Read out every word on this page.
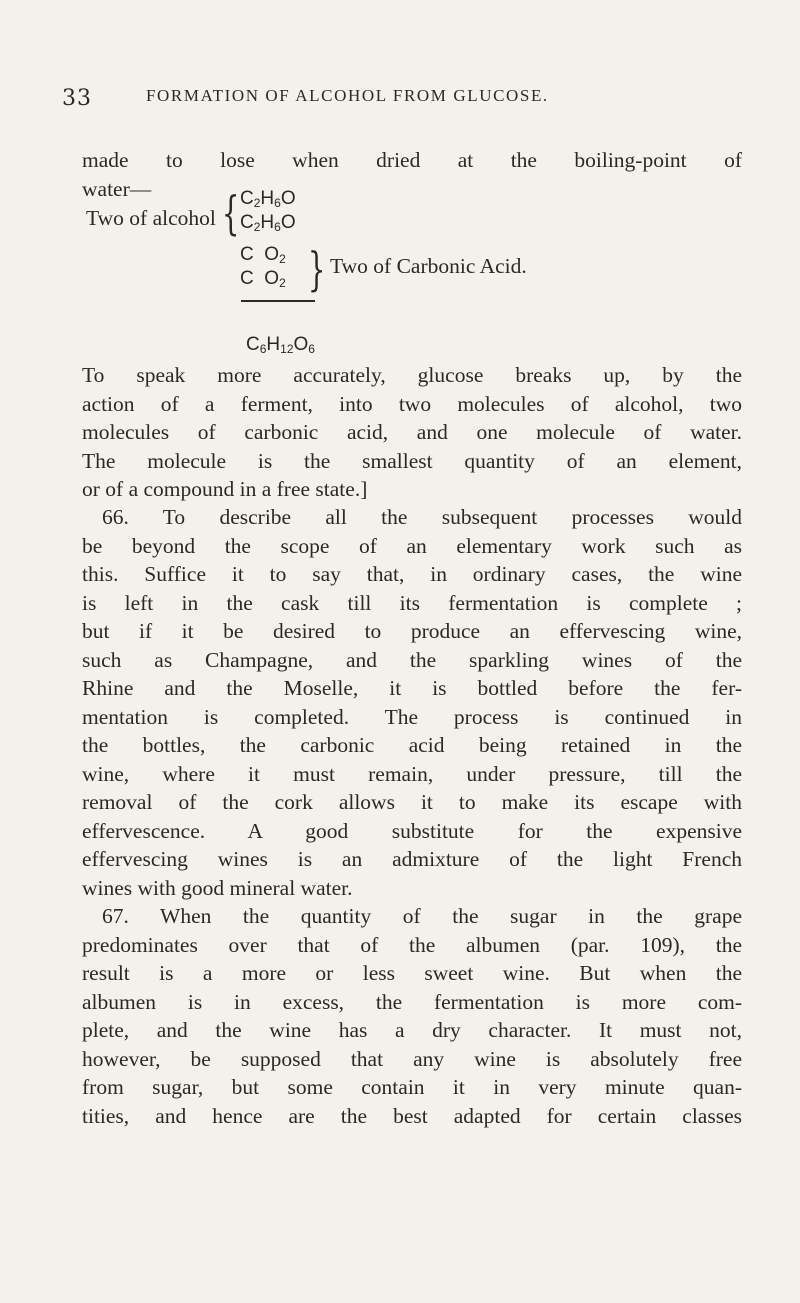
33	FORMATION OF ALCOHOL FROM GLUCOSE.
made to lose when dried at the boiling-point of
water—
Two of alcohol { $C_2H_6O$
$C_2H_6O$
C  $O_2$
C  $O_2$ } Two of Carbonic Acid.
$C_6H_{12}O_6$
To speak more accurately, glucose breaks up, by the
action of a ferment, into two molecules of alcohol, two
molecules of carbonic acid, and one molecule of water.
The molecule is the smallest quantity of an element,
or of a compound in a free state.]
66. To describe all the subsequent processes would
be beyond the scope of an elementary work such as
this. Suffice it to say that, in ordinary cases, the wine
is left in the cask till its fermentation is complete ;
but if it be desired to produce an effervescing wine,
such as Champagne, and the sparkling wines of the
Rhine and the Moselle, it is bottled before the fer-
mentation is completed. The process is continued in
the bottles, the carbonic acid being retained in the
wine, where it must remain, under pressure, till the
removal of the cork allows it to make its escape with
effervescence. A good substitute for the expensive
effervescing wines is an admixture of the light French
wines with good mineral water.
67. When the quantity of the sugar in the grape
predominates over that of the albumen (par. 109), the
result is a more or less sweet wine. But when the
albumen is in excess, the fermentation is more com-
plete, and the wine has a dry character. It must not,
however, be supposed that any wine is absolutely free
from sugar, but some contain it in very minute quan-
tities, and hence are the best adapted for certain classes
